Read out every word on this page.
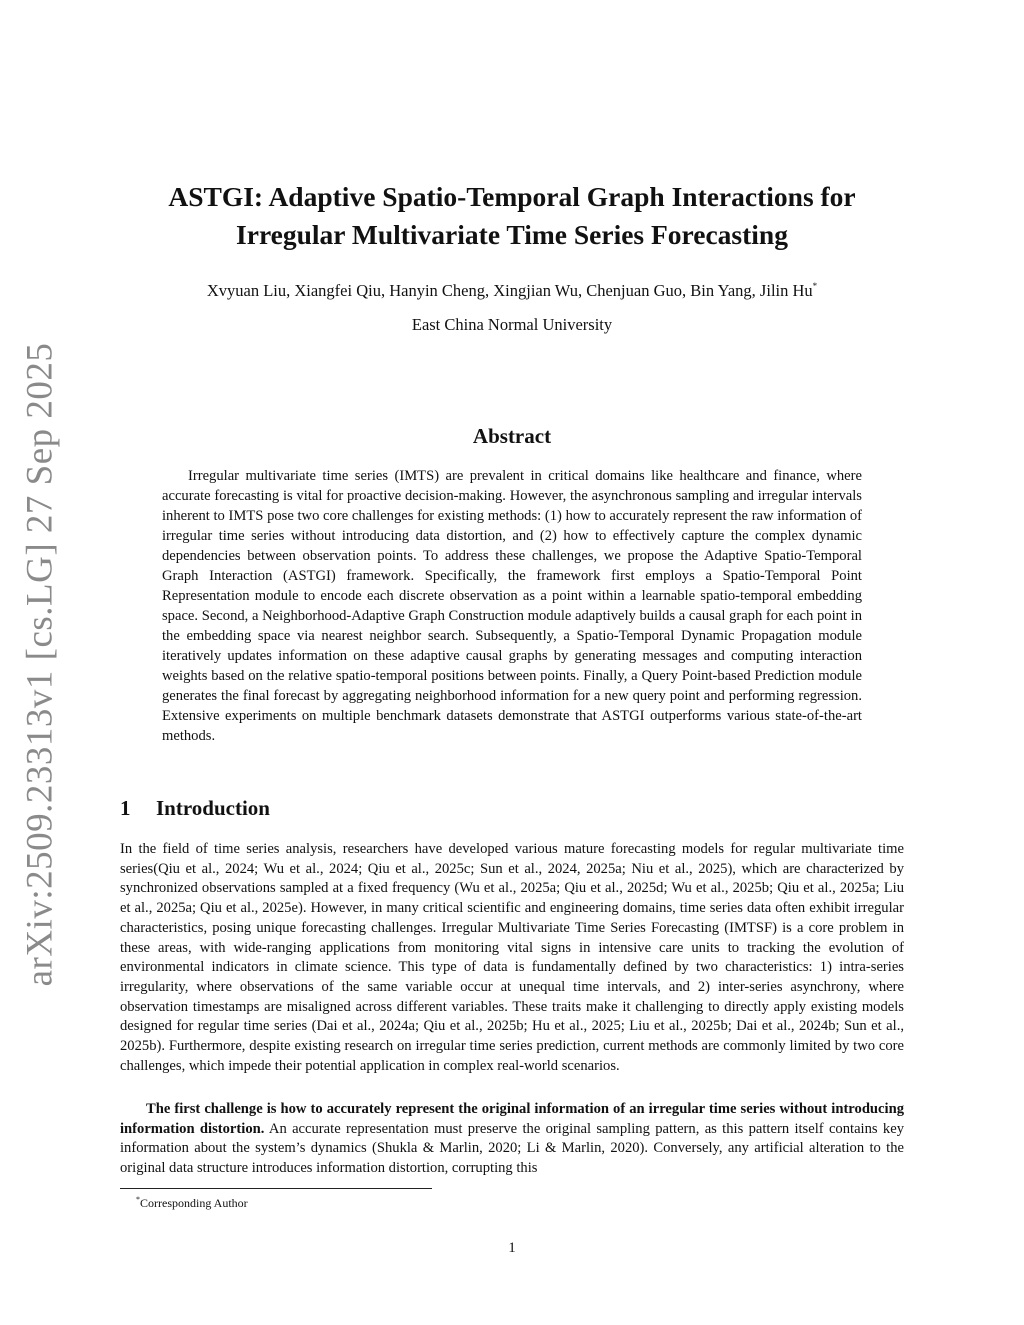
arXiv:2509.23313v1 [cs.LG] 27 Sep 2025
ASTGI: Adaptive Spatio-Temporal Graph Interactions for
Irregular Multivariate Time Series Forecasting
Xvyuan Liu, Xiangfei Qiu, Hanyin Cheng, Xingjian Wu, Chenjuan Guo, Bin Yang, Jilin Hu*
East China Normal University
Abstract

Irregular multivariate time series (IMTS) are prevalent in critical domains like healthcare and finance, where accurate forecasting is vital for proactive decision-making. However, the asynchronous sampling and irregular intervals inherent to IMTS pose two core challenges for existing methods: (1) how to accurately represent the raw information of irregular time series without introducing data distortion, and (2) how to effectively capture the complex dynamic dependencies between observation points. To address these challenges, we propose the Adaptive Spatio-Temporal Graph Interaction (ASTGI) framework. Specifically, the framework first employs a Spatio-Temporal Point Representation module to encode each discrete observation as a point within a learnable spatio-temporal embedding space. Second, a Neighborhood-Adaptive Graph Construction module adaptively builds a causal graph for each point in the embedding space via nearest neighbor search. Subsequently, a Spatio-Temporal Dynamic Propagation module iteratively updates information on these adaptive causal graphs by generating messages and computing interaction weights based on the relative spatio-temporal positions between points. Finally, a Query Point-based Prediction module generates the final forecast by aggregating neighborhood information for a new query point and performing regression. Extensive experiments on multiple benchmark datasets demonstrate that ASTGI outperforms various state-of-the-art methods.

1 Introduction

In the field of time series analysis, researchers have developed various mature forecasting models for regular multivariate time series(Qiu et al., 2024; Wu et al., 2024; Qiu et al., 2025c; Sun et al., 2024, 2025a; Niu et al., 2025), which are characterized by synchronized observations sampled at a fixed frequency (Wu et al., 2025a; Qiu et al., 2025d; Wu et al., 2025b; Qiu et al., 2025a; Liu et al., 2025a; Qiu et al., 2025e). However, in many critical scientific and engineering domains, time series data often exhibit irregular characteristics, posing unique forecasting challenges. Irregular Multivariate Time Series Forecasting (IMTSF) is a core problem in these areas, with wide-ranging applications from monitoring vital signs in intensive care units to tracking the evolution of environmental indicators in climate science. This type of data is fundamentally defined by two characteristics: 1) intra-series irregularity, where observations of the same variable occur at unequal time intervals, and 2) inter-series asynchrony, where observation timestamps are misaligned across different variables. These traits make it challenging to directly apply existing models designed for regular time series (Dai et al., 2024a; Qiu et al., 2025b; Hu et al., 2025; Liu et al., 2025b; Dai et al., 2024b; Sun et al., 2025b). Furthermore, despite existing research on irregular time series prediction, current methods are commonly limited by two core challenges, which impede their potential application in complex real-world scenarios.

The first challenge is how to accurately represent the original information of an irregular time series without introducing information distortion. An accurate representation must preserve the original sampling pattern, as this pattern itself contains key information about the system’s dynamics (Shukla & Marlin, 2020; Li & Marlin, 2020). Conversely, any artificial alteration to the original data structure introduces information distortion, corrupting this

*Corresponding Author
1
